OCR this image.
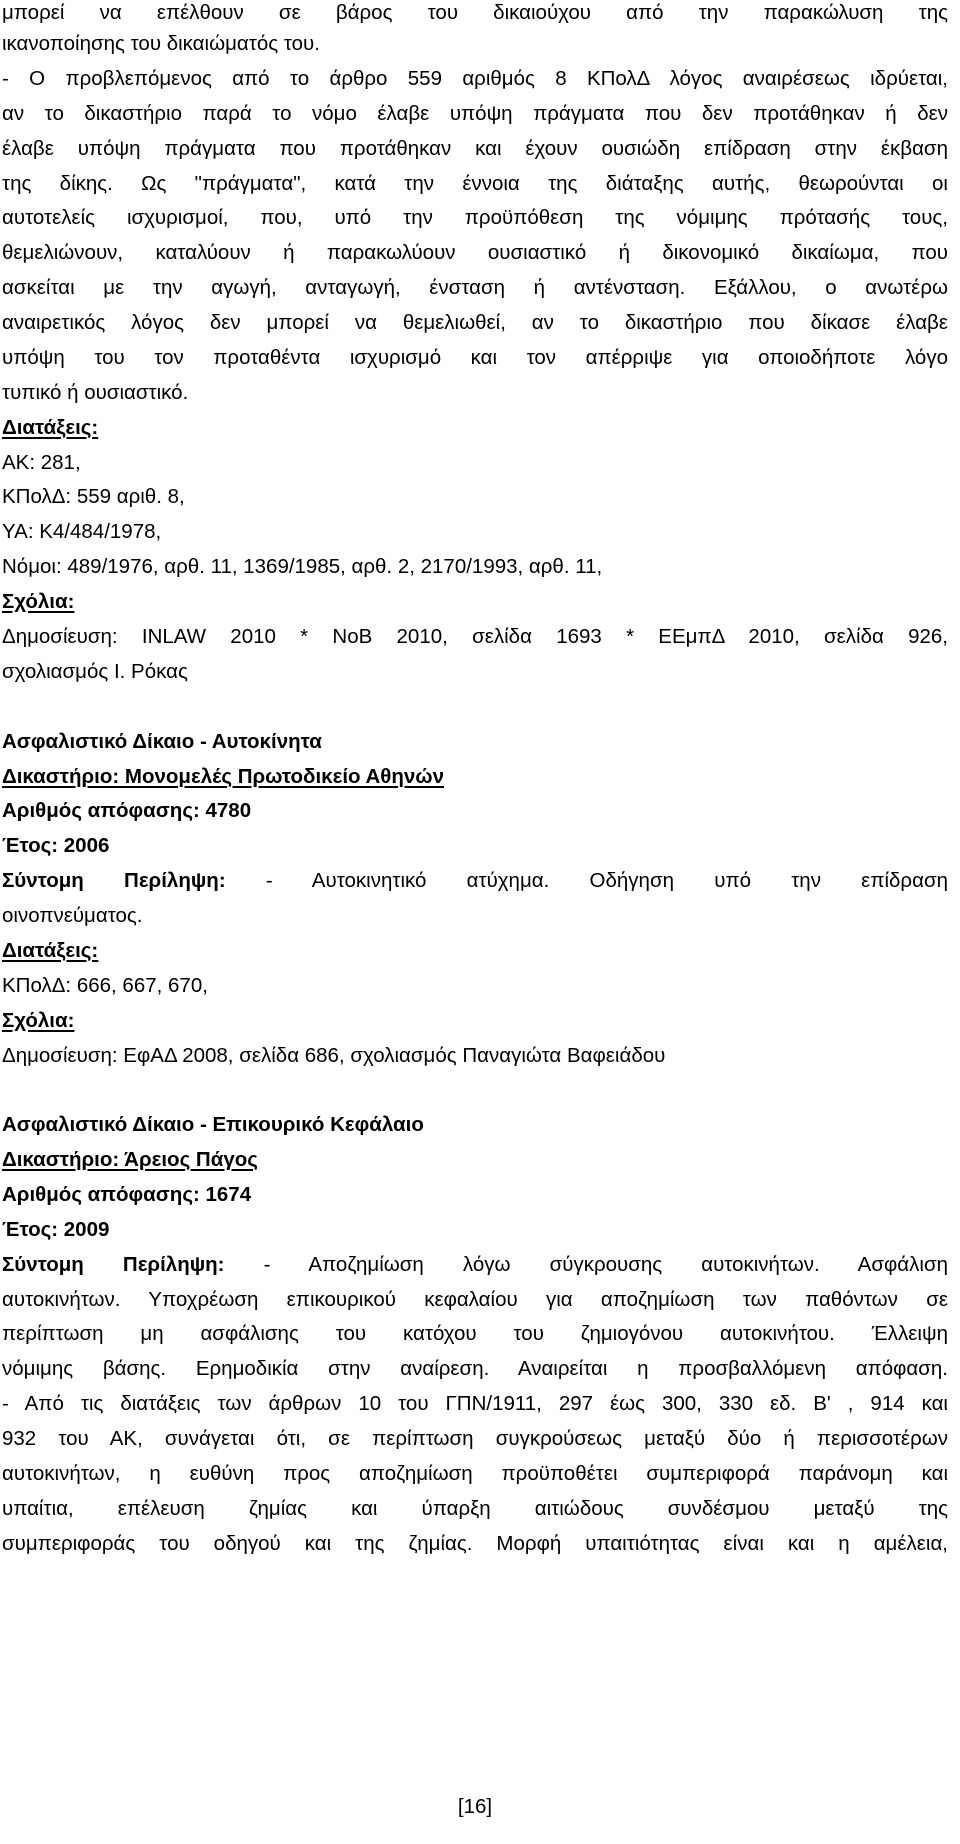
μπορεί να επέλθουν σε βάρος του δικαιούχου από την παρακώλυση της
ικανοποίησης του δικαιώματός του.
- Ο προβλεπόμενος από το άρθρο 559 αριθμός 8 ΚΠολΔ λόγος αναιρέσεως ιδρύεται,
αν το δικαστήριο παρά το νόμο έλαβε υπόψη πράγματα που δεν προτάθηκαν ή δεν
έλαβε υπόψη πράγματα που προτάθηκαν και έχουν ουσιώδη επίδραση στην έκβαση
της δίκης. Ως "πράγματα", κατά την έννοια της διάταξης αυτής, θεωρούνται οι
αυτοτελείς ισχυρισμοί, που, υπό την προϋπόθεση της νόμιμης πρότασής τους,
θεμελιώνουν, καταλύουν ή παρακωλύουν ουσιαστικό ή δικονομικό δικαίωμα, που
ασκείται με την αγωγή, ανταγωγή, ένσταση ή αντένσταση. Εξάλλου, ο ανωτέρω
αναιρετικός λόγος δεν μπορεί να θεμελιωθεί, αν το δικαστήριο που δίκασε έλαβε
υπόψη του τον προταθέντα ισχυρισμό και τον απέρριψε για οποιοδήποτε λόγο
τυπικό ή ουσιαστικό.
Διατάξεις:
ΑΚ: 281,
ΚΠολΔ: 559 αριθ. 8,
ΥΑ: Κ4/484/1978,
Νόμοι: 489/1976, αρθ. 11, 1369/1985, αρθ. 2, 2170/1993, αρθ. 11,
Σχόλια:
Δημοσίευση: INLAW 2010 * ΝοΒ 2010, σελίδα 1693 * ΕΕμπΔ 2010, σελίδα 926,
σχολιασμός Ι. Ρόκας
Ασφαλιστικό Δίκαιο - Αυτοκίνητα
Δικαστήριο: Μονομελές Πρωτοδικείο Αθηνών
Αριθμός απόφασης: 4780
Έτος: 2006
Σύντομη Περίληψη: - Αυτοκινητικό ατύχημα. Οδήγηση υπό την επίδραση
οινοπνεύματος.
Διατάξεις:
ΚΠολΔ: 666, 667, 670,
Σχόλια:
Δημοσίευση: ΕφΑΔ 2008, σελίδα 686, σχολιασμός Παναγιώτα Βαφειάδου
Ασφαλιστικό Δίκαιο - Επικουρικό Κεφάλαιο
Δικαστήριο: Άρειος Πάγος
Αριθμός απόφασης: 1674
Έτος: 2009
Σύντομη Περίληψη: - Αποζημίωση λόγω σύγκρουσης αυτοκινήτων. Ασφάλιση
αυτοκινήτων. Υποχρέωση επικουρικού κεφαλαίου για αποζημίωση των παθόντων σε
περίπτωση μη ασφάλισης του κατόχου του ζημιογόνου αυτοκινήτου. Έλλειψη
νόμιμης βάσης. Ερημοδικία στην αναίρεση. Αναιρείται η προσβαλλόμενη απόφαση.
- Από τις διατάξεις των άρθρων 10 του ΓΠΝ/1911, 297 έως 300, 330 εδ. Β' , 914 και
932 του ΑΚ, συνάγεται ότι, σε περίπτωση συγκρούσεως μεταξύ δύο ή περισσοτέρων
αυτοκινήτων, η ευθύνη προς αποζημίωση προϋποθέτει συμπεριφορά παράνομη και
υπαίτια, επέλευση ζημίας και ύπαρξη αιτιώδους συνδέσμου μεταξύ της
συμπεριφοράς του οδηγού και της ζημίας. Μορφή υπαιτιότητας είναι και η αμέλεια,
[16]
